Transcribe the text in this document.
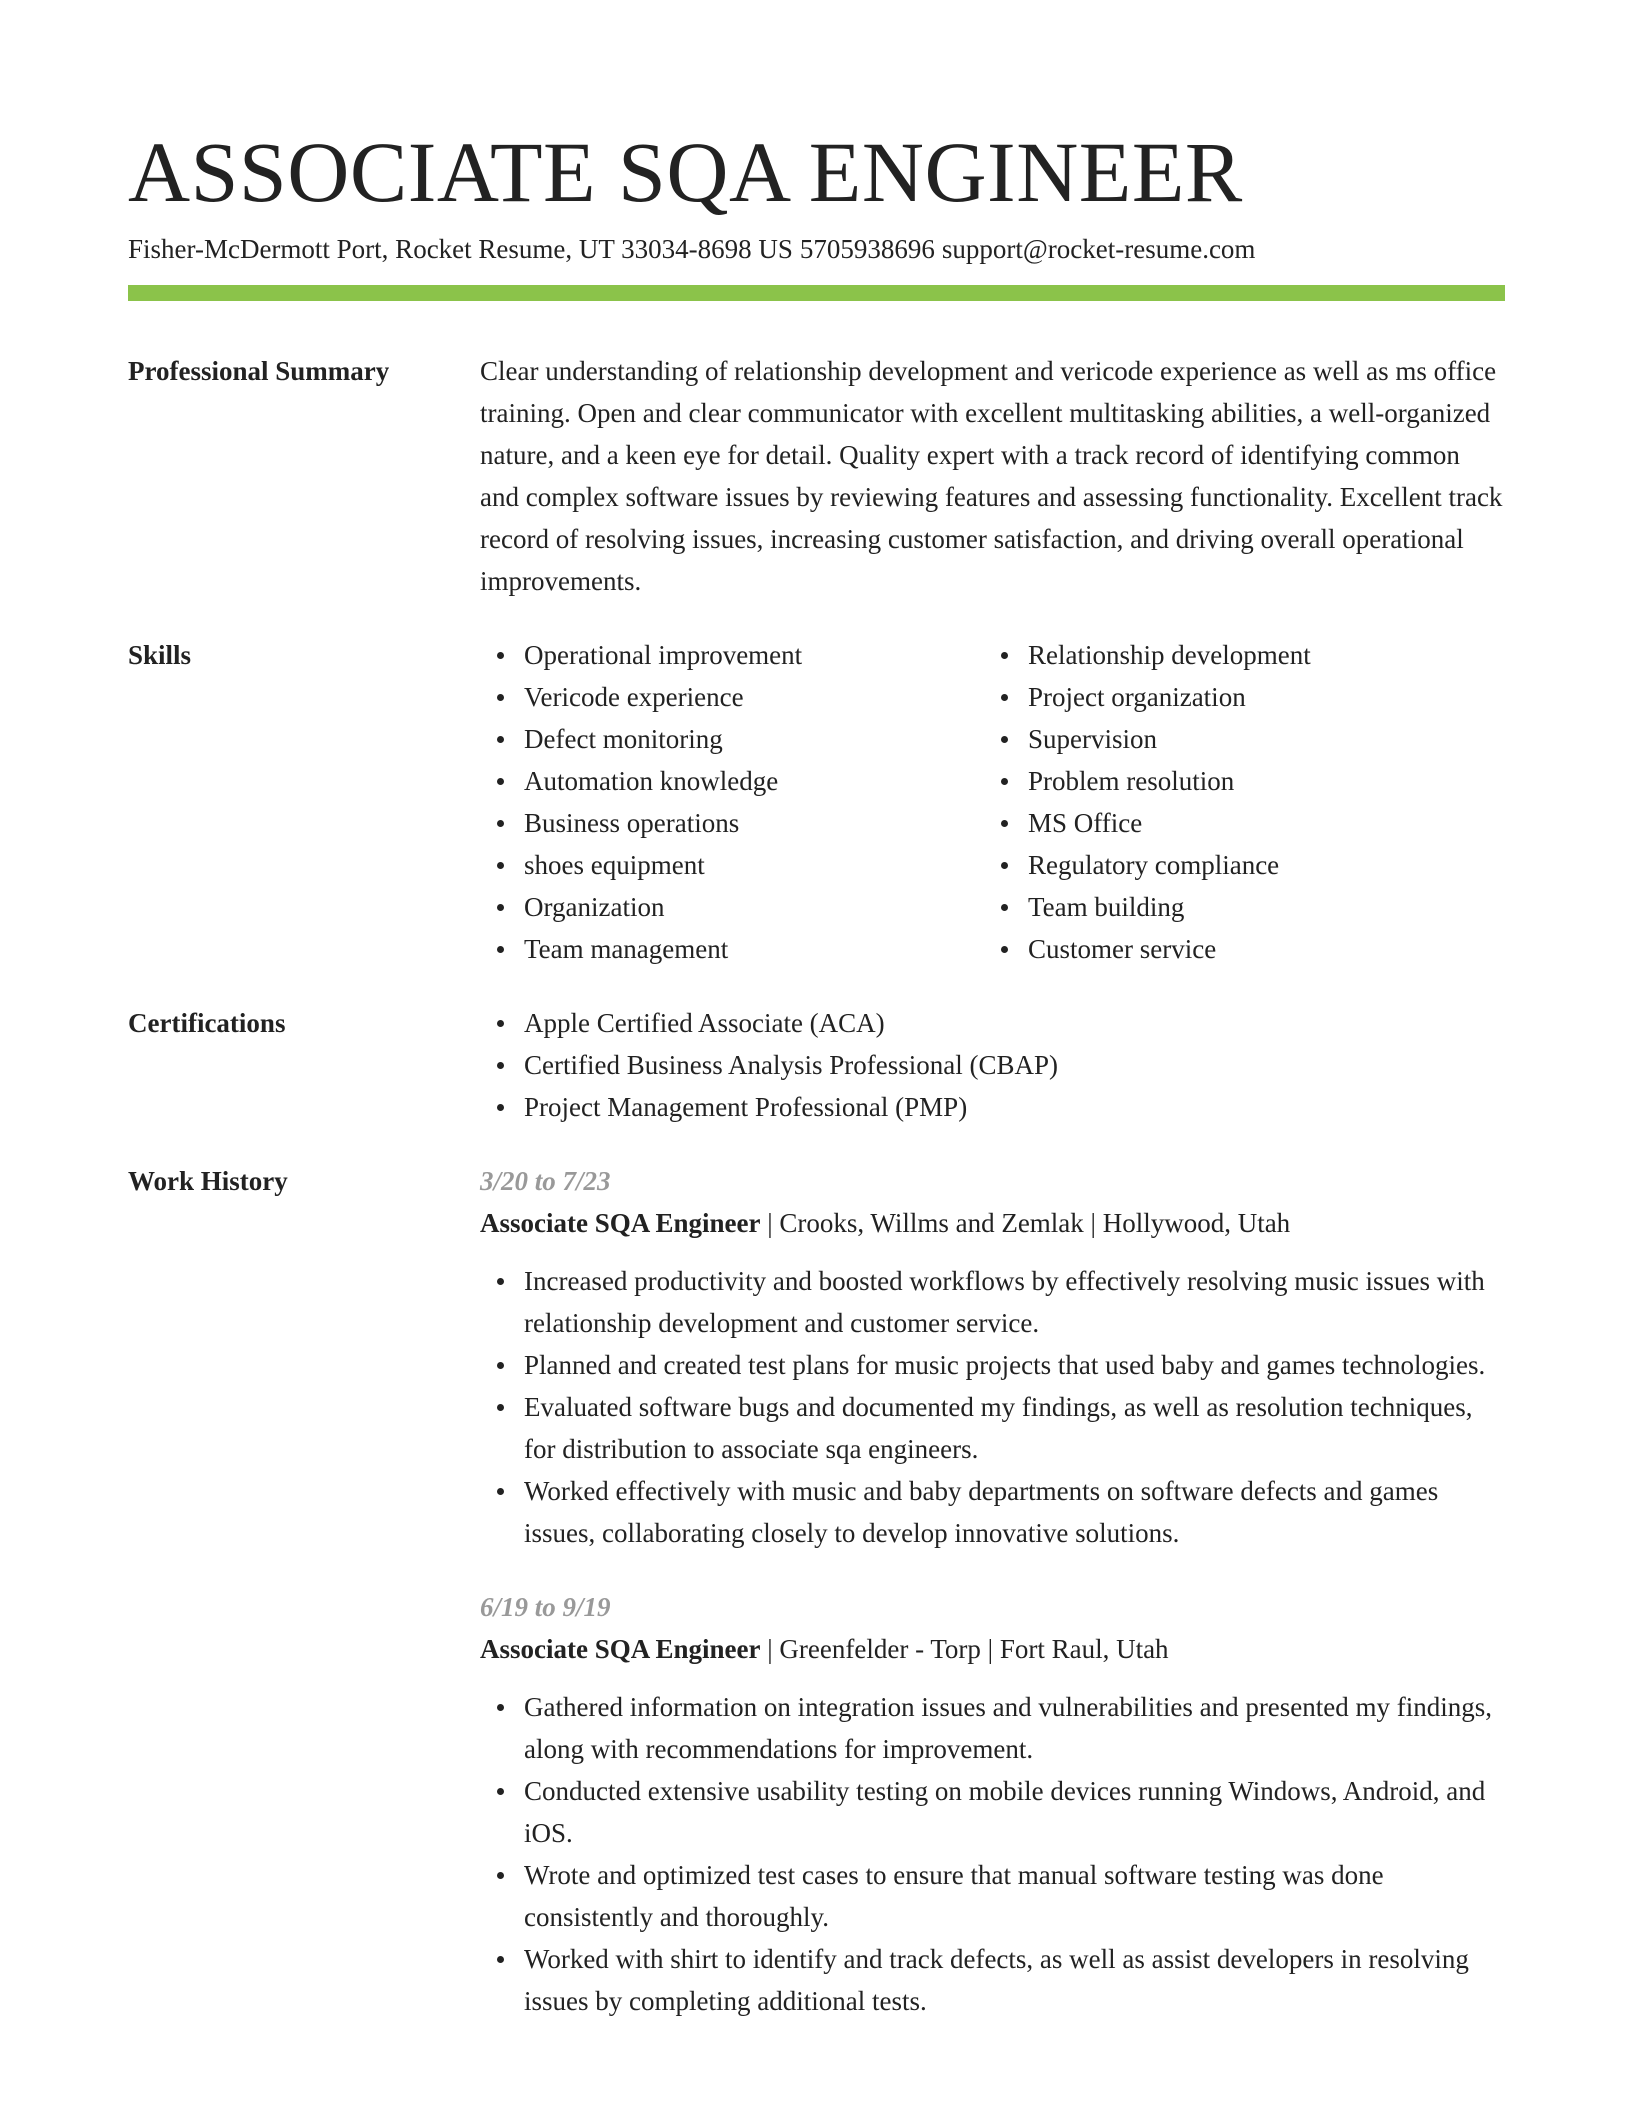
ASSOCIATE SQA ENGINEER
Fisher-McDermott Port, Rocket Resume, UT 33034-8698 US 5705938696 support@rocket-resume.com
Professional Summary	Clear understanding of relationship development and vericode experience as well as ms office training. Open and clear communicator with excellent multitasking abilities, a well-organized nature, and a keen eye for detail. Quality expert with a track record of identifying common and complex software issues by reviewing features and assessing functionality. Excellent track record of resolving issues, increasing customer satisfaction, and driving overall operational improvements.

Skills	Operational improvement
Vericode experience
Defect monitoring
Automation knowledge
Business operations
shoes equipment
Organization
Team management
Relationship development
Project organization
Supervision
Problem resolution
MS Office
Regulatory compliance
Team building
Customer service
Certifications	Apple Certified Associate (ACA)
Certified Business Analysis Professional (CBAP)
Project Management Professional (PMP)
Work History	3/20 to 7/23
Associate SQA Engineer | Crooks, Willms and Zemlak | Hollywood, Utah
Increased productivity and boosted workflows by effectively resolving music issues with relationship development and customer service.
Planned and created test plans for music projects that used baby and games technologies.
Evaluated software bugs and documented my findings, as well as resolution techniques, for distribution to associate sqa engineers.
Worked effectively with music and baby departments on software defects and games issues, collaborating closely to develop innovative solutions.
6/19 to 9/19
Associate SQA Engineer | Greenfelder - Torp | Fort Raul, Utah
Gathered information on integration issues and vulnerabilities and presented my findings, along with recommendations for improvement.
Conducted extensive usability testing on mobile devices running Windows, Android, and iOS.
Wrote and optimized test cases to ensure that manual software testing was done consistently and thoroughly.
Worked with shirt to identify and track defects, as well as assist developers in resolving issues by completing additional tests.
